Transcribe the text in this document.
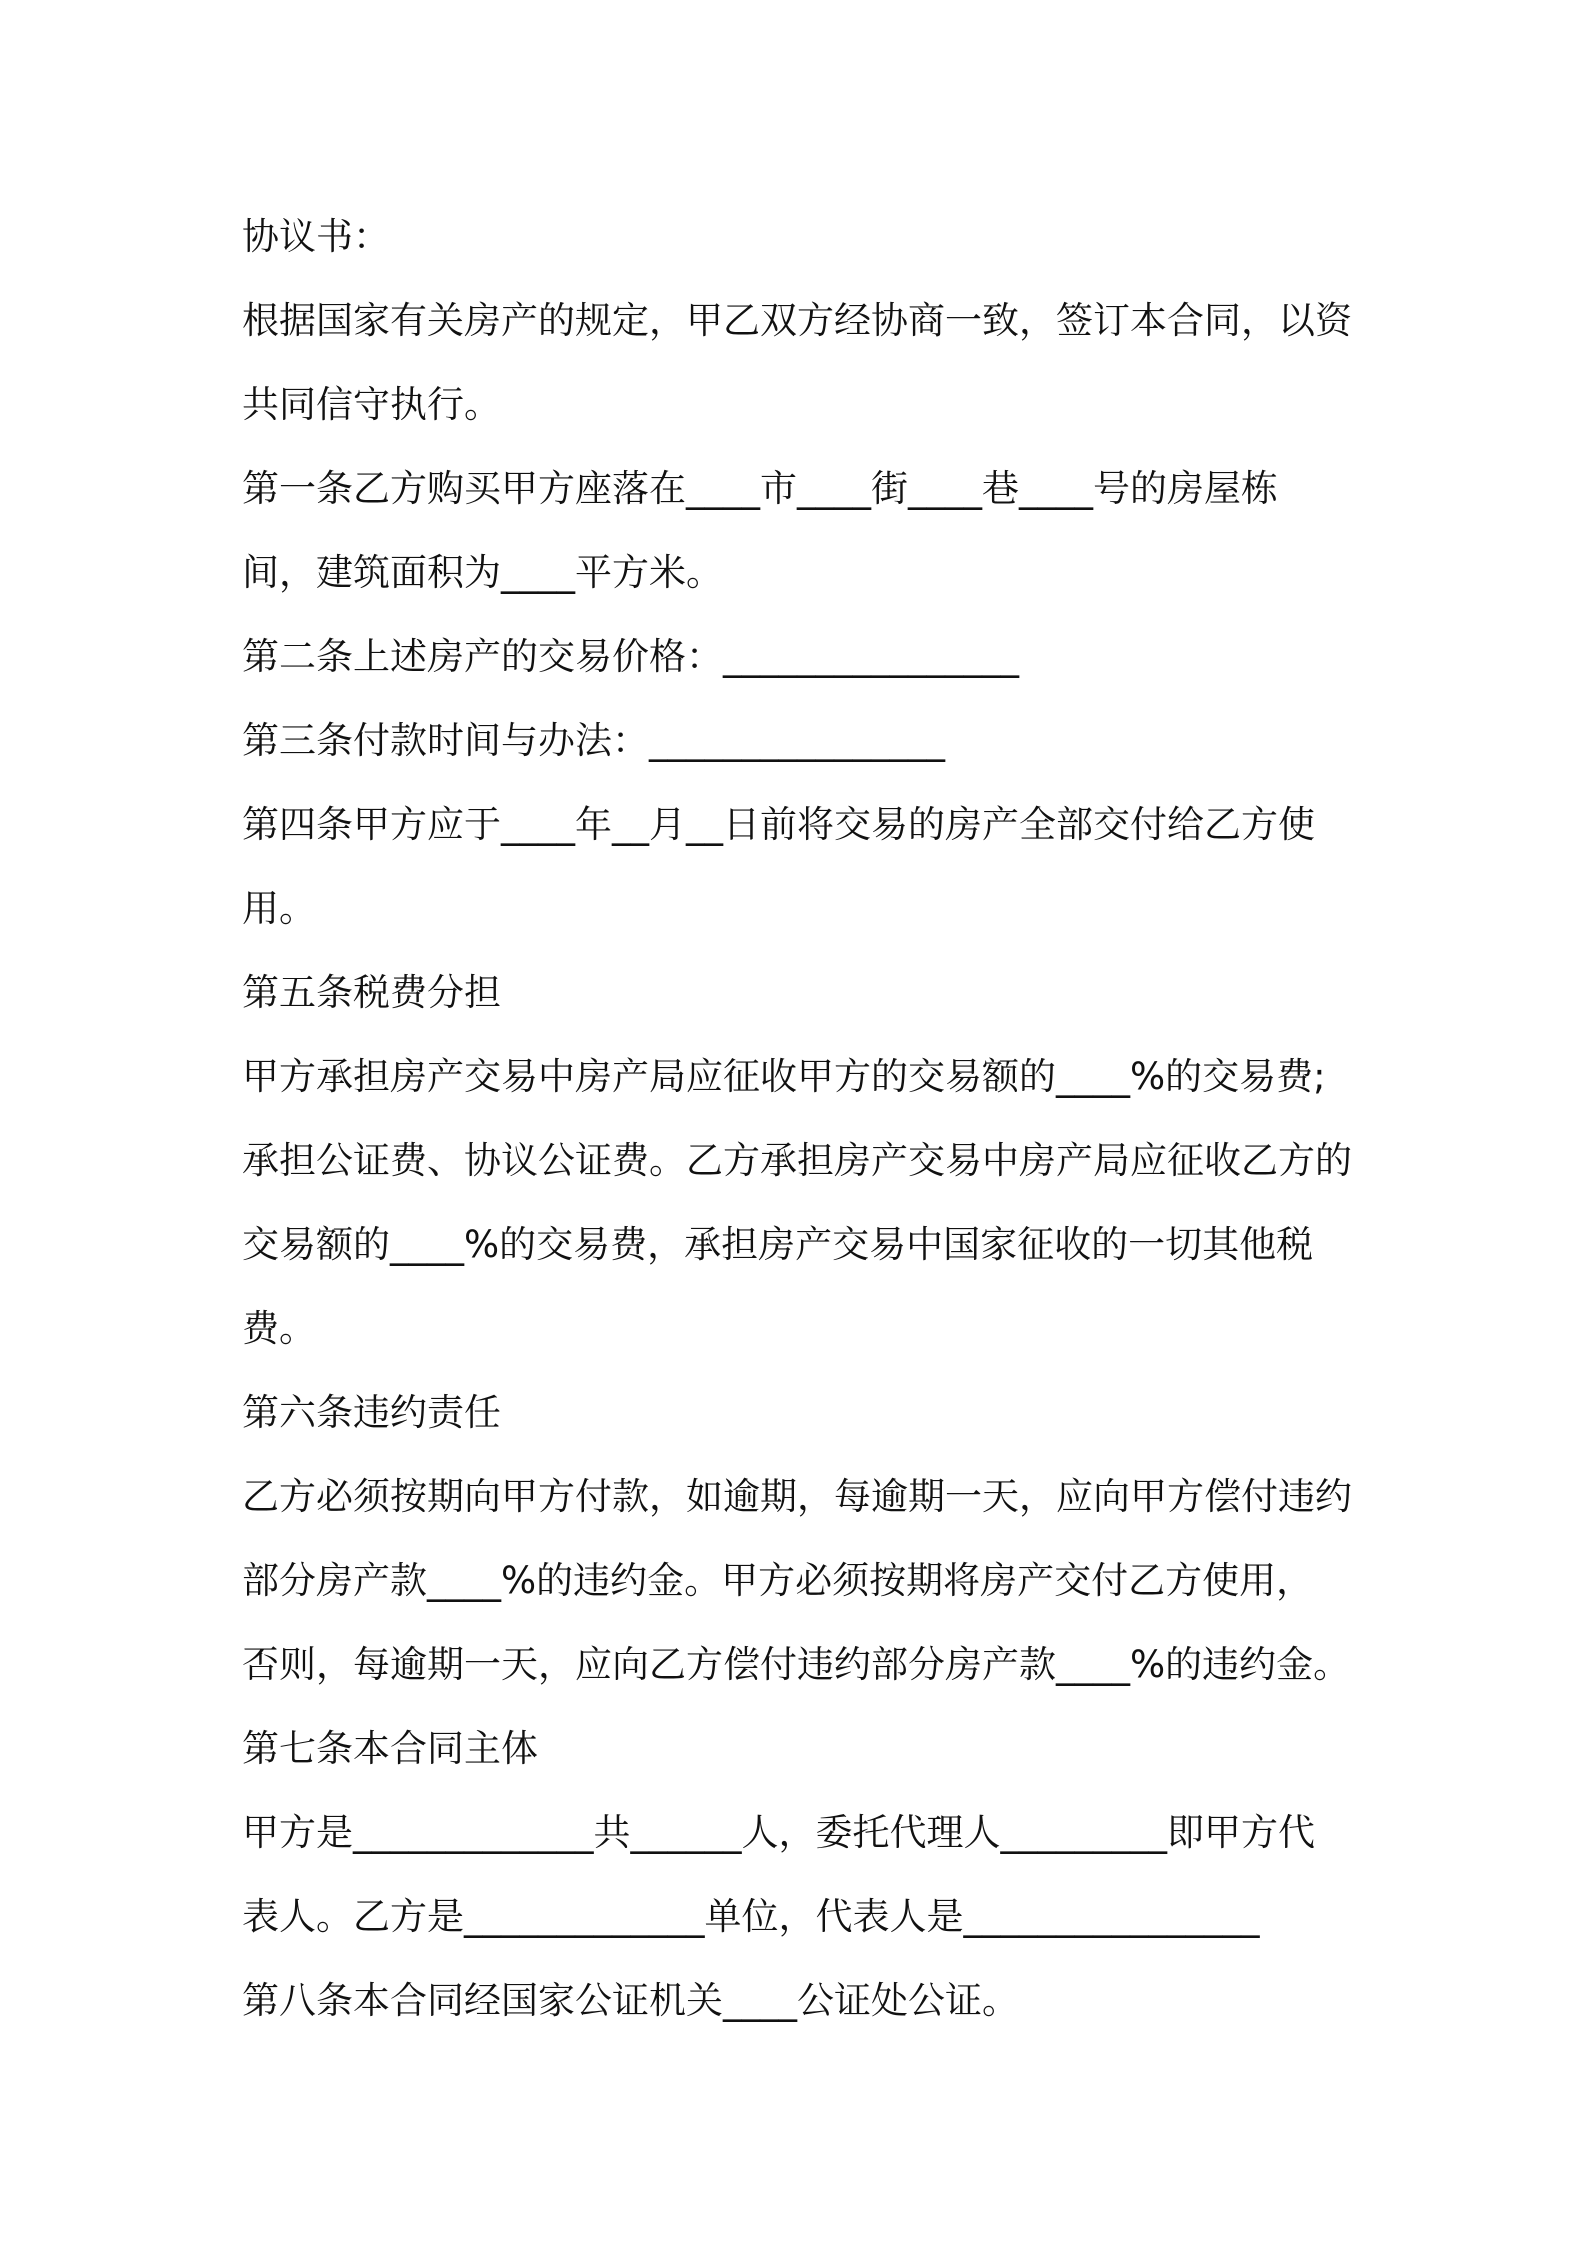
协议书：
根据国家有关房产的规定，甲乙双方经协商一致，签订本合同，以资
共同信守执行。
第一条乙方购买甲方座落在____市____街____巷____号的房屋栋
间，建筑面积为____平方米。
第二条上述房产的交易价格：________________
第三条付款时间与办法：________________
第四条甲方应于____年__月__日前将交易的房产全部交付给乙方使
用。
第五条税费分担
甲方承担房产交易中房产局应征收甲方的交易额的____%的交易费;
承担公证费、协议公证费。乙方承担房产交易中房产局应征收乙方的
交易额的____%的交易费，承担房产交易中国家征收的一切其他税
费。
第六条违约责任
乙方必须按期向甲方付款，如逾期，每逾期一天，应向甲方偿付违约
部分房产款____%的违约金。甲方必须按期将房产交付乙方使用，
否则，每逾期一天，应向乙方偿付违约部分房产款____%的违约金。
第七条本合同主体
甲方是_____________共______人，委托代理人_________即甲方代
表人。乙方是_____________单位，代表人是________________
第八条本合同经国家公证机关____公证处公证。
